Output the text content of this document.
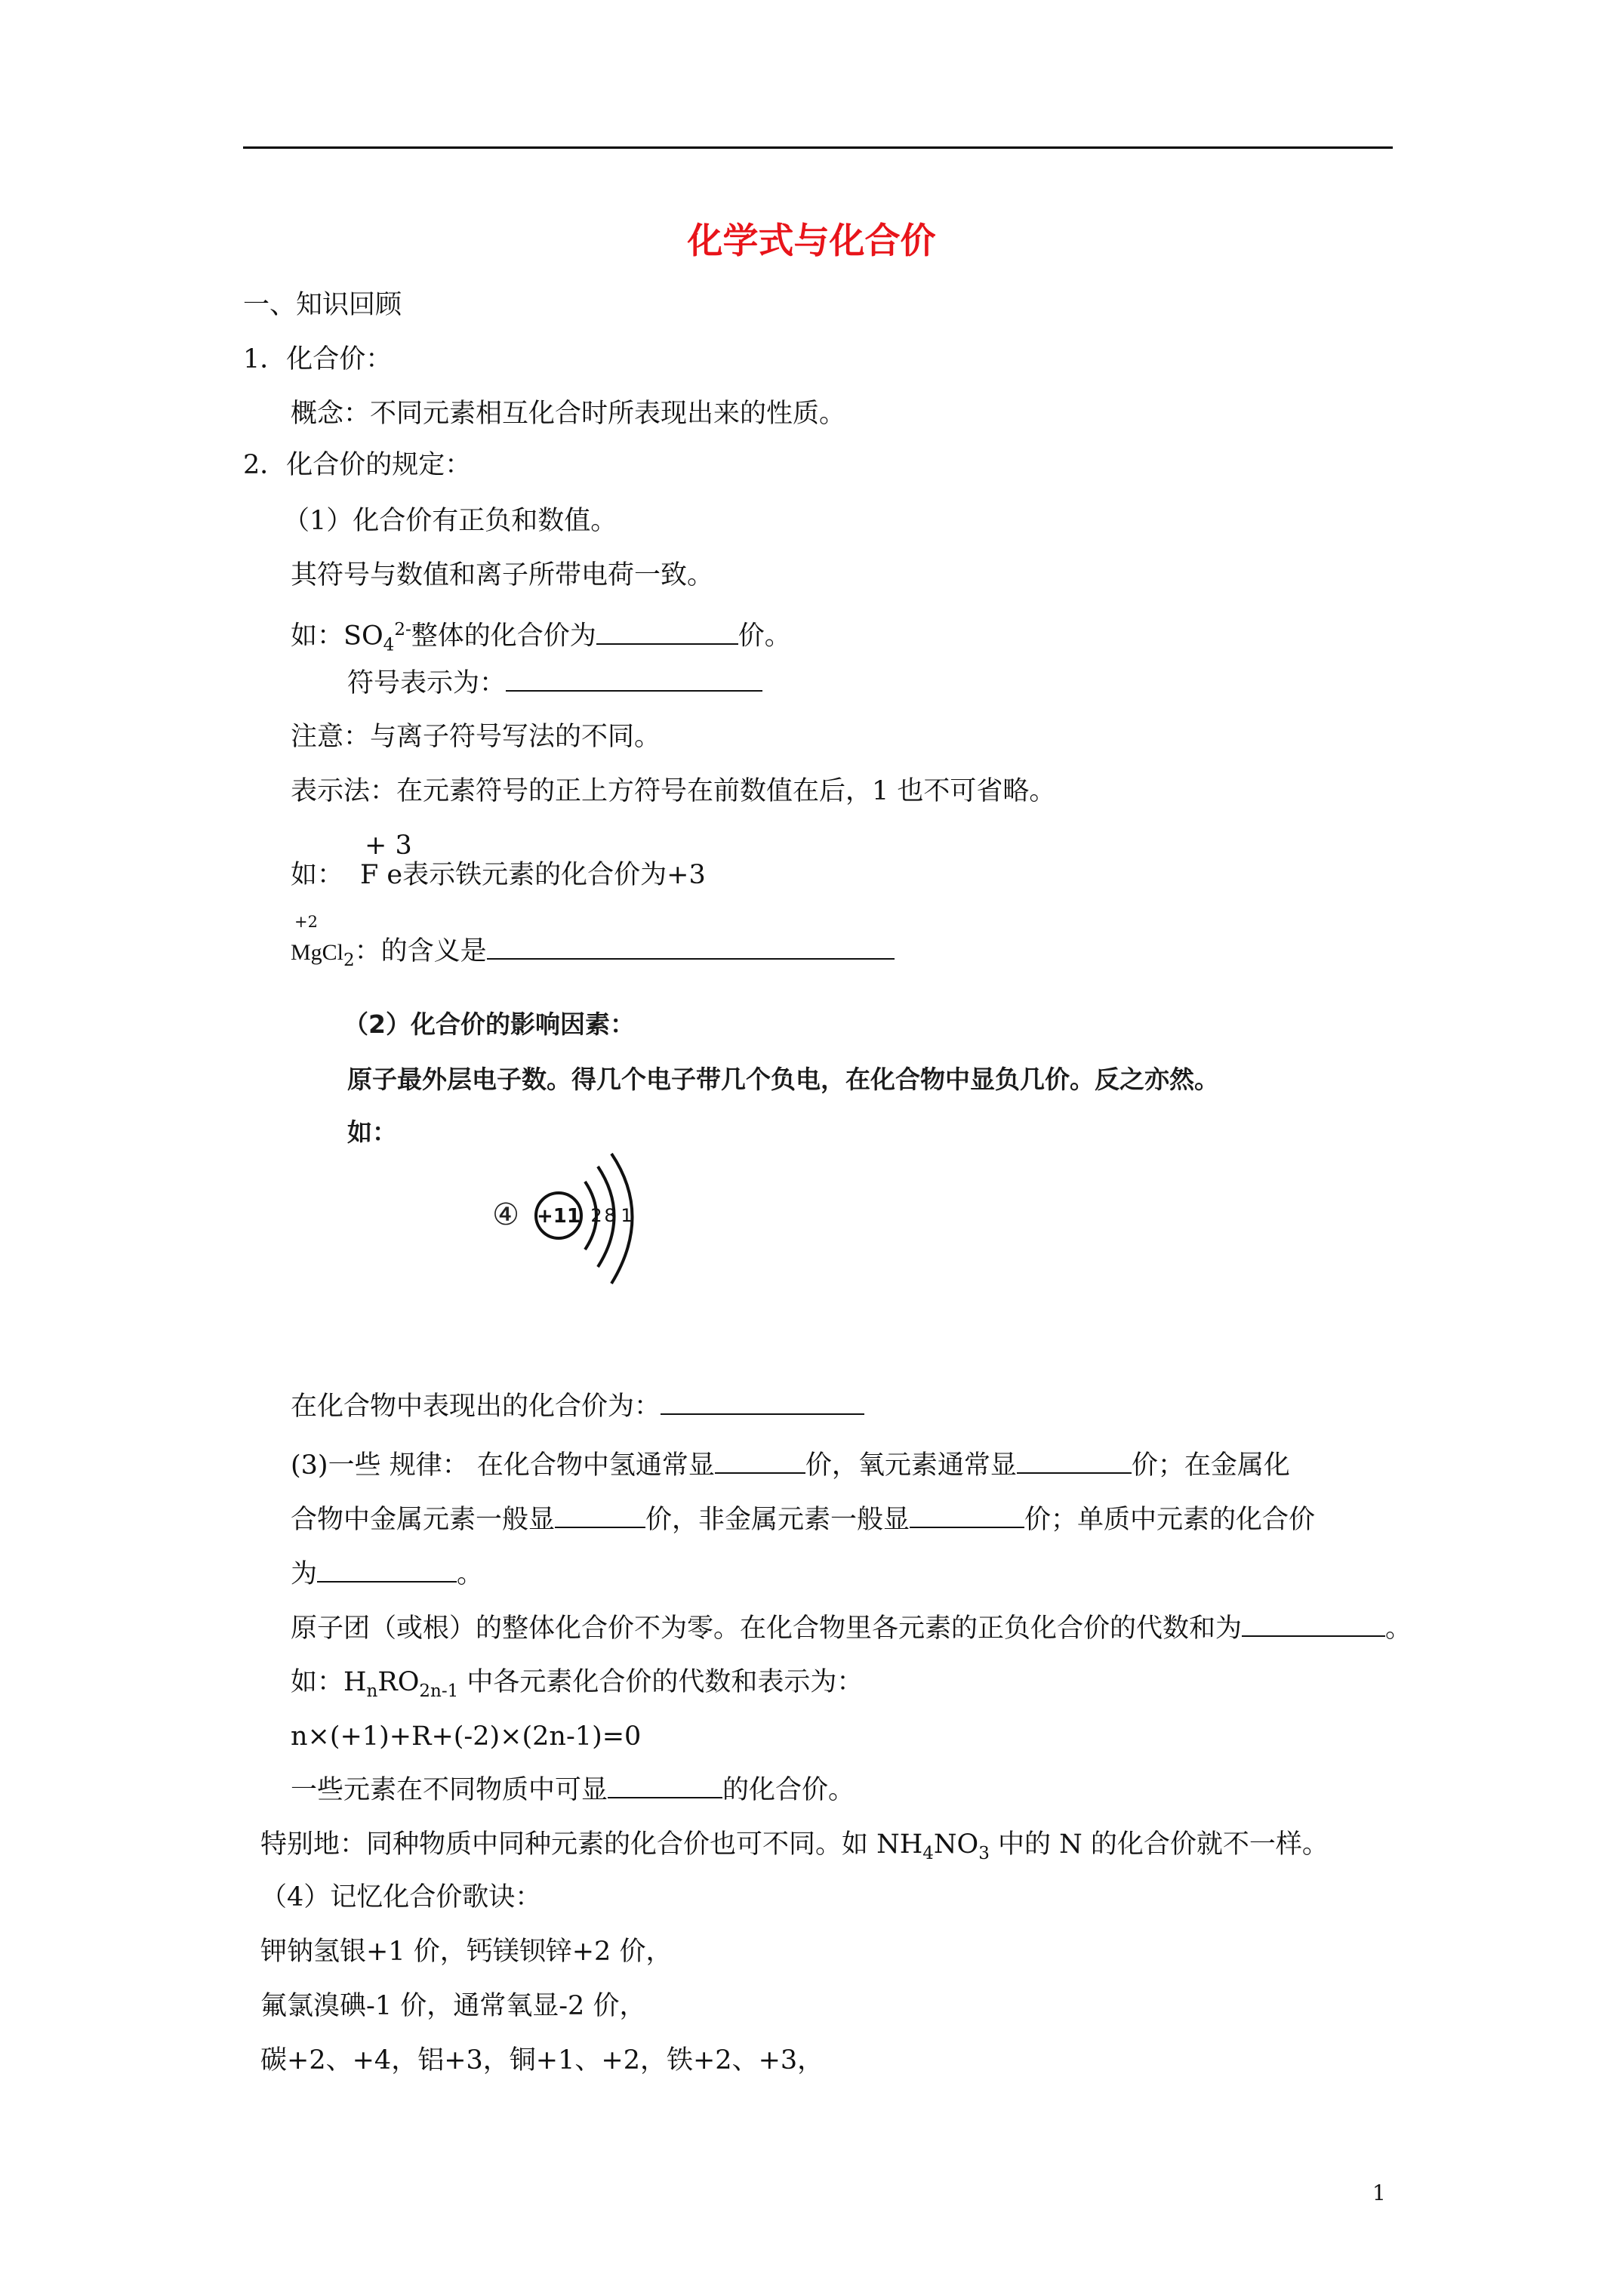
化学式与化合价
一、知识回顾
1．化合价：
概念：不同元素相互化合时所表现出来的性质。
2．化合价的规定：
（1）化合价有正负和数值。
其符号与数值和离子所带电荷一致。
如：$SO_4^{2-}$整体的化合价为	价。
符号表示为：
注意：与离子符号写法的不同。
表示法：在元素符号的正上方符号在前数值在后，1 也不可省略。
+ 3
如： F e表示铁元素的化合价为+3
+2
MgCl$_2$：的含义是
（2）化合价的影响因素：
原子最外层电子数。得几个电子带几个负电，在化合物中显负几价。反之亦然。
如：
④ +11 2 8 1
在化合物中表现出的化合价为：
(3)一些 规律： 在化合物中氢通常显	价，氧元素通常显	价；在金属化
合物中金属元素一般显	价，非金属元素一般显	价；单质中元素的化合价
为	。
原子团（或根）的整体化合价不为零。在化合物里各元素的正负化合价的代数和为	。
如：$H_nRO_{2n-1}$ 中各元素化合价的代数和表示为：
n×(+1)+R+(-2)×(2n-1)=0
一些元素在不同物质中可显	的化合价。
特别地：同种物质中同种元素的化合价也可不同。如 $NH_4NO_3$ 中的 N 的化合价就不一样。
（4）记忆化合价歌诀：
钾钠氢银+1 价，钙镁钡锌+2 价，
氟氯溴碘-1 价，通常氧显-2 价，
碳+2、+4，铝+3，铜+1、+2，铁+2、+3，
1
